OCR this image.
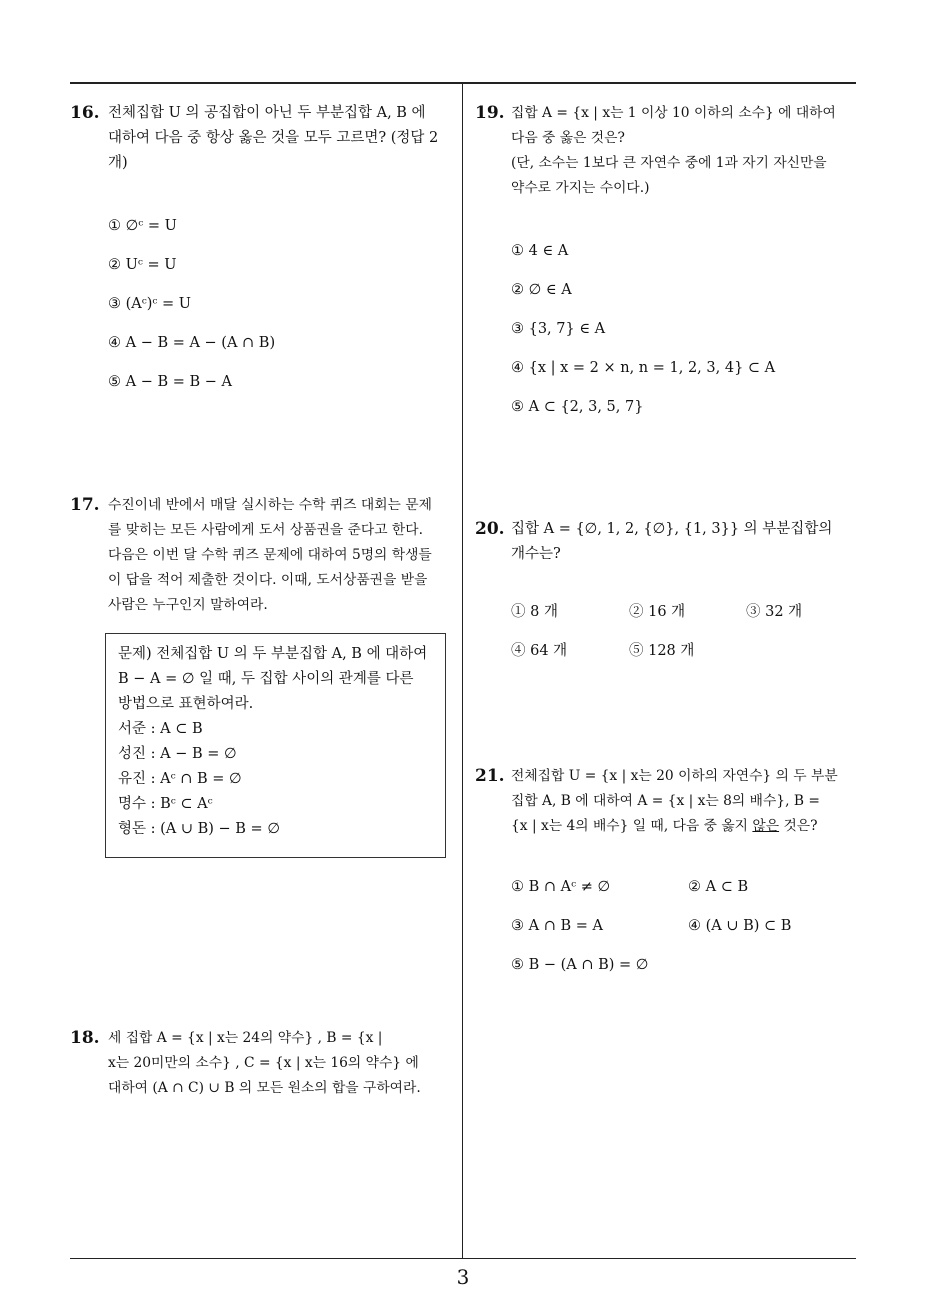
16. 전체집합 U 의 공집합이 아닌 두 부분집합 A, B 에
대하여 다음 중 항상 옳은 것을 모두 고르면? (정답 2
개)
① ∅ᶜ = U
② Uᶜ = U
③ (Aᶜ)ᶜ = U
④ A − B = A − (A ∩ B)
⑤ A − B = B − A
17. 수진이네 반에서 매달 실시하는 수학 퀴즈 대회는 문제
를 맞히는 모든 사람에게 도서 상품권을 준다고 한다.
다음은 이번 달 수학 퀴즈 문제에 대하여 5명의 학생들
이 답을 적어 제출한 것이다. 이때, 도서상품권을 받을
사람은 누구인지 말하여라.
문제) 전체집합 U 의 두 부분집합 A, B 에 대하여
B − A = ∅ 일 때, 두 집합 사이의 관계를 다른
방법으로 표현하여라.
서준 : A ⊂ B
성진 : A − B = ∅
유진 : Aᶜ ∩ B = ∅
명수 : Bᶜ ⊂ Aᶜ
형돈 : (A ∪ B) − B = ∅
18. 세 집합 A = {x | x는 24의 약수} , B = {x |
x는 20미만의 소수} , C = {x | x는 16의 약수} 에
대하여 (A ∩ C) ∪ B 의 모든 원소의 합을 구하여라.
19. 집합 A = {x | x는 1 이상 10 이하의 소수} 에 대하여
다음 중 옳은 것은?
(단, 소수는 1보다 큰 자연수 중에 1과 자기 자신만을
약수로 가지는 수이다.)
① 4 ∈ A
② ∅ ∈ A
③ {3, 7} ∈ A
④ {x | x = 2 × n, n = 1, 2, 3, 4} ⊂ A
⑤ A ⊂ {2, 3, 5, 7}
20. 집합 A = {∅, 1, 2, {∅}, {1, 3}} 의 부분집합의
개수는?
① 8 개	② 16 개	③ 32 개
④ 64 개	⑤ 128 개
21. 전체집합 U = {x | x는 20 이하의 자연수} 의 두 부분
집합 A, B 에 대하여 A = {x | x는 8의 배수}, B =
{x | x는 4의 배수} 일 때, 다음 중 옳지 않은 것은?
① B ∩ Aᶜ ≠ ∅	② A ⊂ B
③ A ∩ B = A	④ (A ∪ B) ⊂ B
⑤ B − (A ∩ B) = ∅
3
